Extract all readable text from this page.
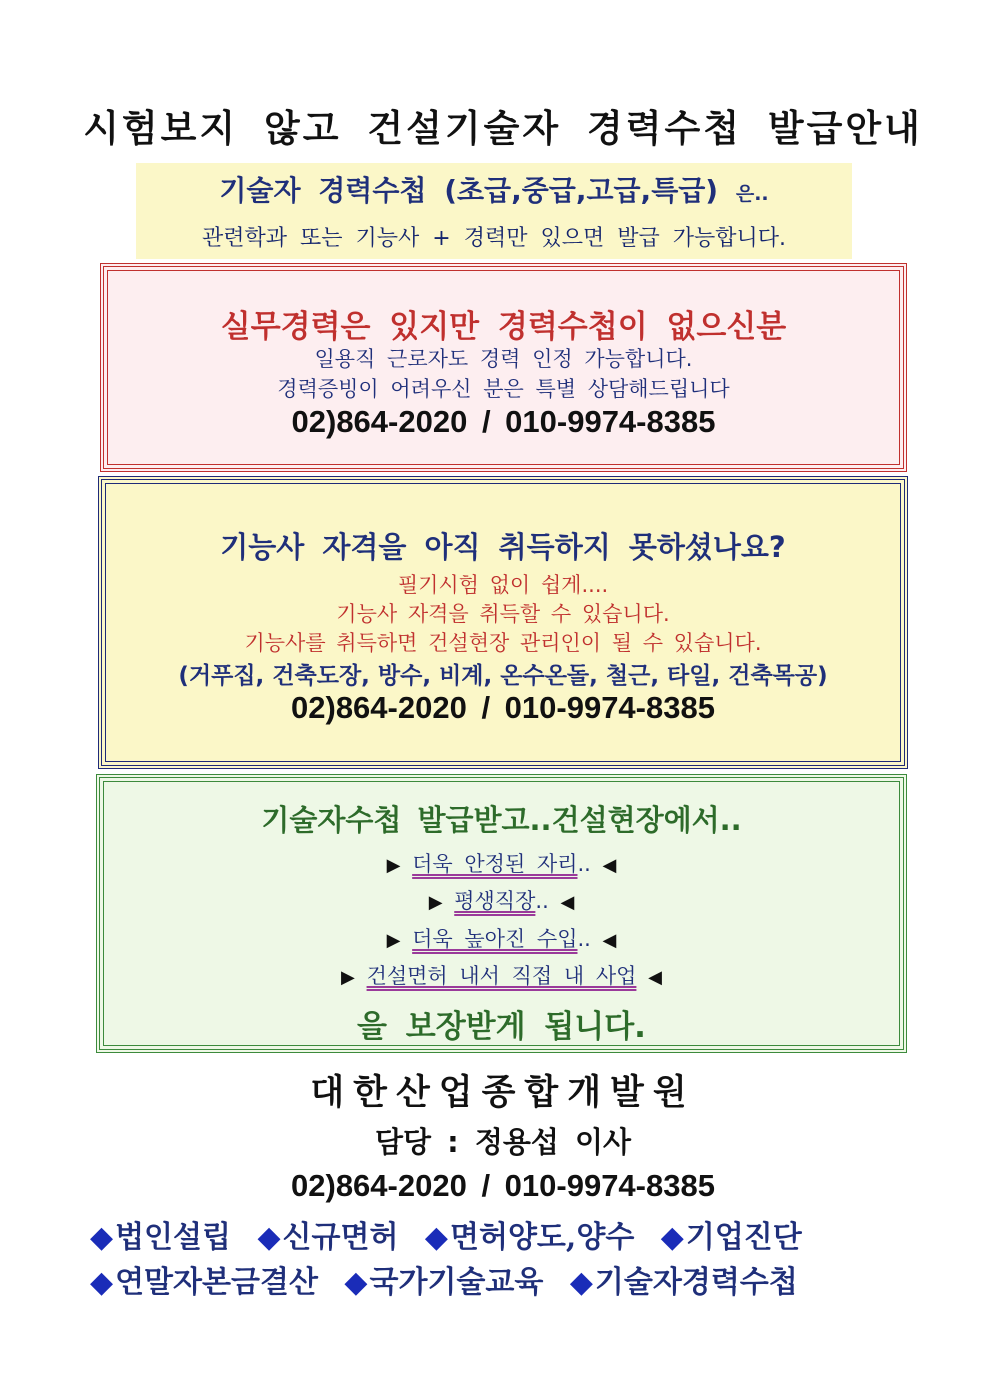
시험보지 않고 건설기술자 경력수첩 발급안내
기술자 경력수첩 (초급,중급,고급,특급) 은..
관련학과 또는 기능사 + 경력만 있으면 발급 가능합니다.
실무경력은 있지만 경력수첩이 없으신분
일용직 근로자도 경력 인정 가능합니다.
경력증빙이 어려우신 분은 특별 상담해드립니다
02)864-2020 / 010-9974-8385
기능사 자격을 아직 취득하지 못하셨나요?
필기시험 없이 쉽게....
기능사 자격을 취득할 수 있습니다.
기능사를 취득하면 건설현장 관리인이 될 수 있습니다.
(거푸집, 건축도장, 방수, 비계, 온수온돌, 철근, 타일, 건축목공)
02)864-2020 / 010-9974-8385
기술자수첩 발급받고..건설현장에서..
▶ 더욱 안정된 자리.. ◀
▶ 평생직장.. ◀
▶ 더욱 높아진 수입.. ◀
▶ 건설면허 내서 직접 내 사업 ◀
을 보장받게 됩니다.
대한산업종합개발원
담당 : 정용섭 이사
02)864-2020 / 010-9974-8385
◆법인설립 ◆신규면허 ◆면허양도,양수 ◆기업진단
◆연말자본금결산 ◆국가기술교육 ◆기술자경력수첩
